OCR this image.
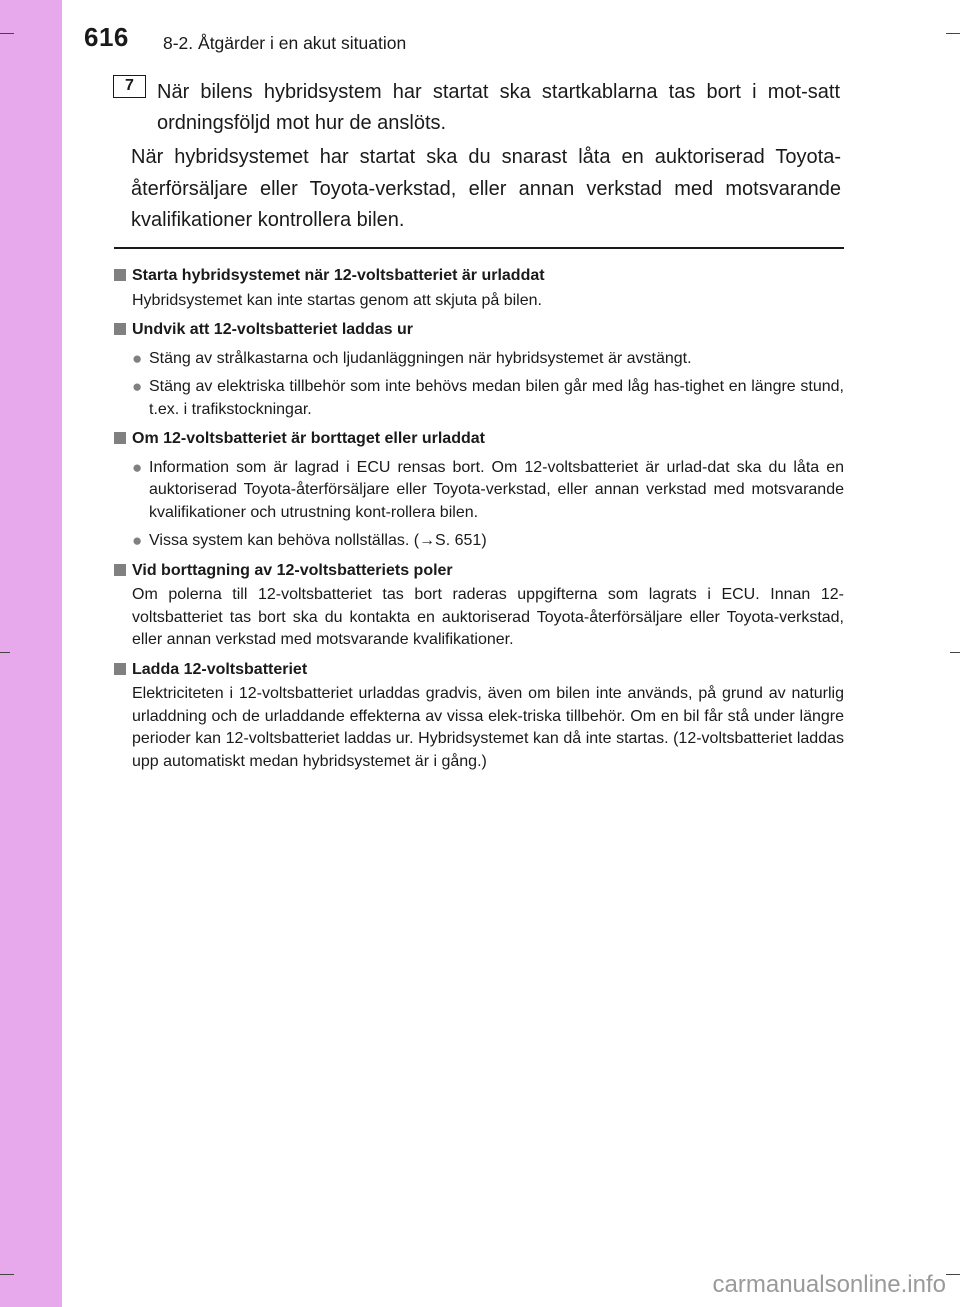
616 8-2. Åtgärder i en akut situation
7	När bilens hybridsystem har startat ska startkablarna tas bort i mot-satt ordningsföljd mot hur de anslöts.
När hybridsystemet har startat ska du snarast låta en auktoriserad Toyota-återförsäljare eller Toyota-verkstad, eller annan verkstad med motsvarande kvalifikationer kontrollera bilen.
Starta hybridsystemet när 12-voltsbatteriet är urladdat

Hybridsystemet kan inte startas genom att skjuta på bilen.

Undvik att 12-voltsbatteriet laddas ur
● Stäng av strålkastarna och ljudanläggningen när hybridsystemet är avstängt.
● Stäng av elektriska tillbehör som inte behövs medan bilen går med låg has-tighet en längre stund, t.ex. i trafikstockningar.
Om 12-voltsbatteriet är borttaget eller urladdat
● Information som är lagrad i ECU rensas bort. Om 12-voltsbatteriet är urlad-dat ska du låta en auktoriserad Toyota-återförsäljare eller Toyota-verkstad, eller annan verkstad med motsvarande kvalifikationer och utrustning kont-rollera bilen.
● Vissa system kan behöva nollställas. (→S. 651)
Vid borttagning av 12-voltsbatteriets poler

Om polerna till 12-voltsbatteriet tas bort raderas uppgifterna som lagrats i ECU. Innan 12-voltsbatteriet tas bort ska du kontakta en auktoriserad Toyota-återförsäljare eller Toyota-verkstad, eller annan verkstad med motsvarande kvalifikationer.

Ladda 12-voltsbatteriet

Elektriciteten i 12-voltsbatteriet urladdas gradvis, även om bilen inte används, på grund av naturlig urladdning och de urladdande effekterna av vissa elek-triska tillbehör. Om en bil får stå under längre perioder kan 12-voltsbatteriet laddas ur. Hybridsystemet kan då inte startas. (12-voltsbatteriet laddas upp automatiskt medan hybridsystemet är i gång.)

carmanualsonline.info
